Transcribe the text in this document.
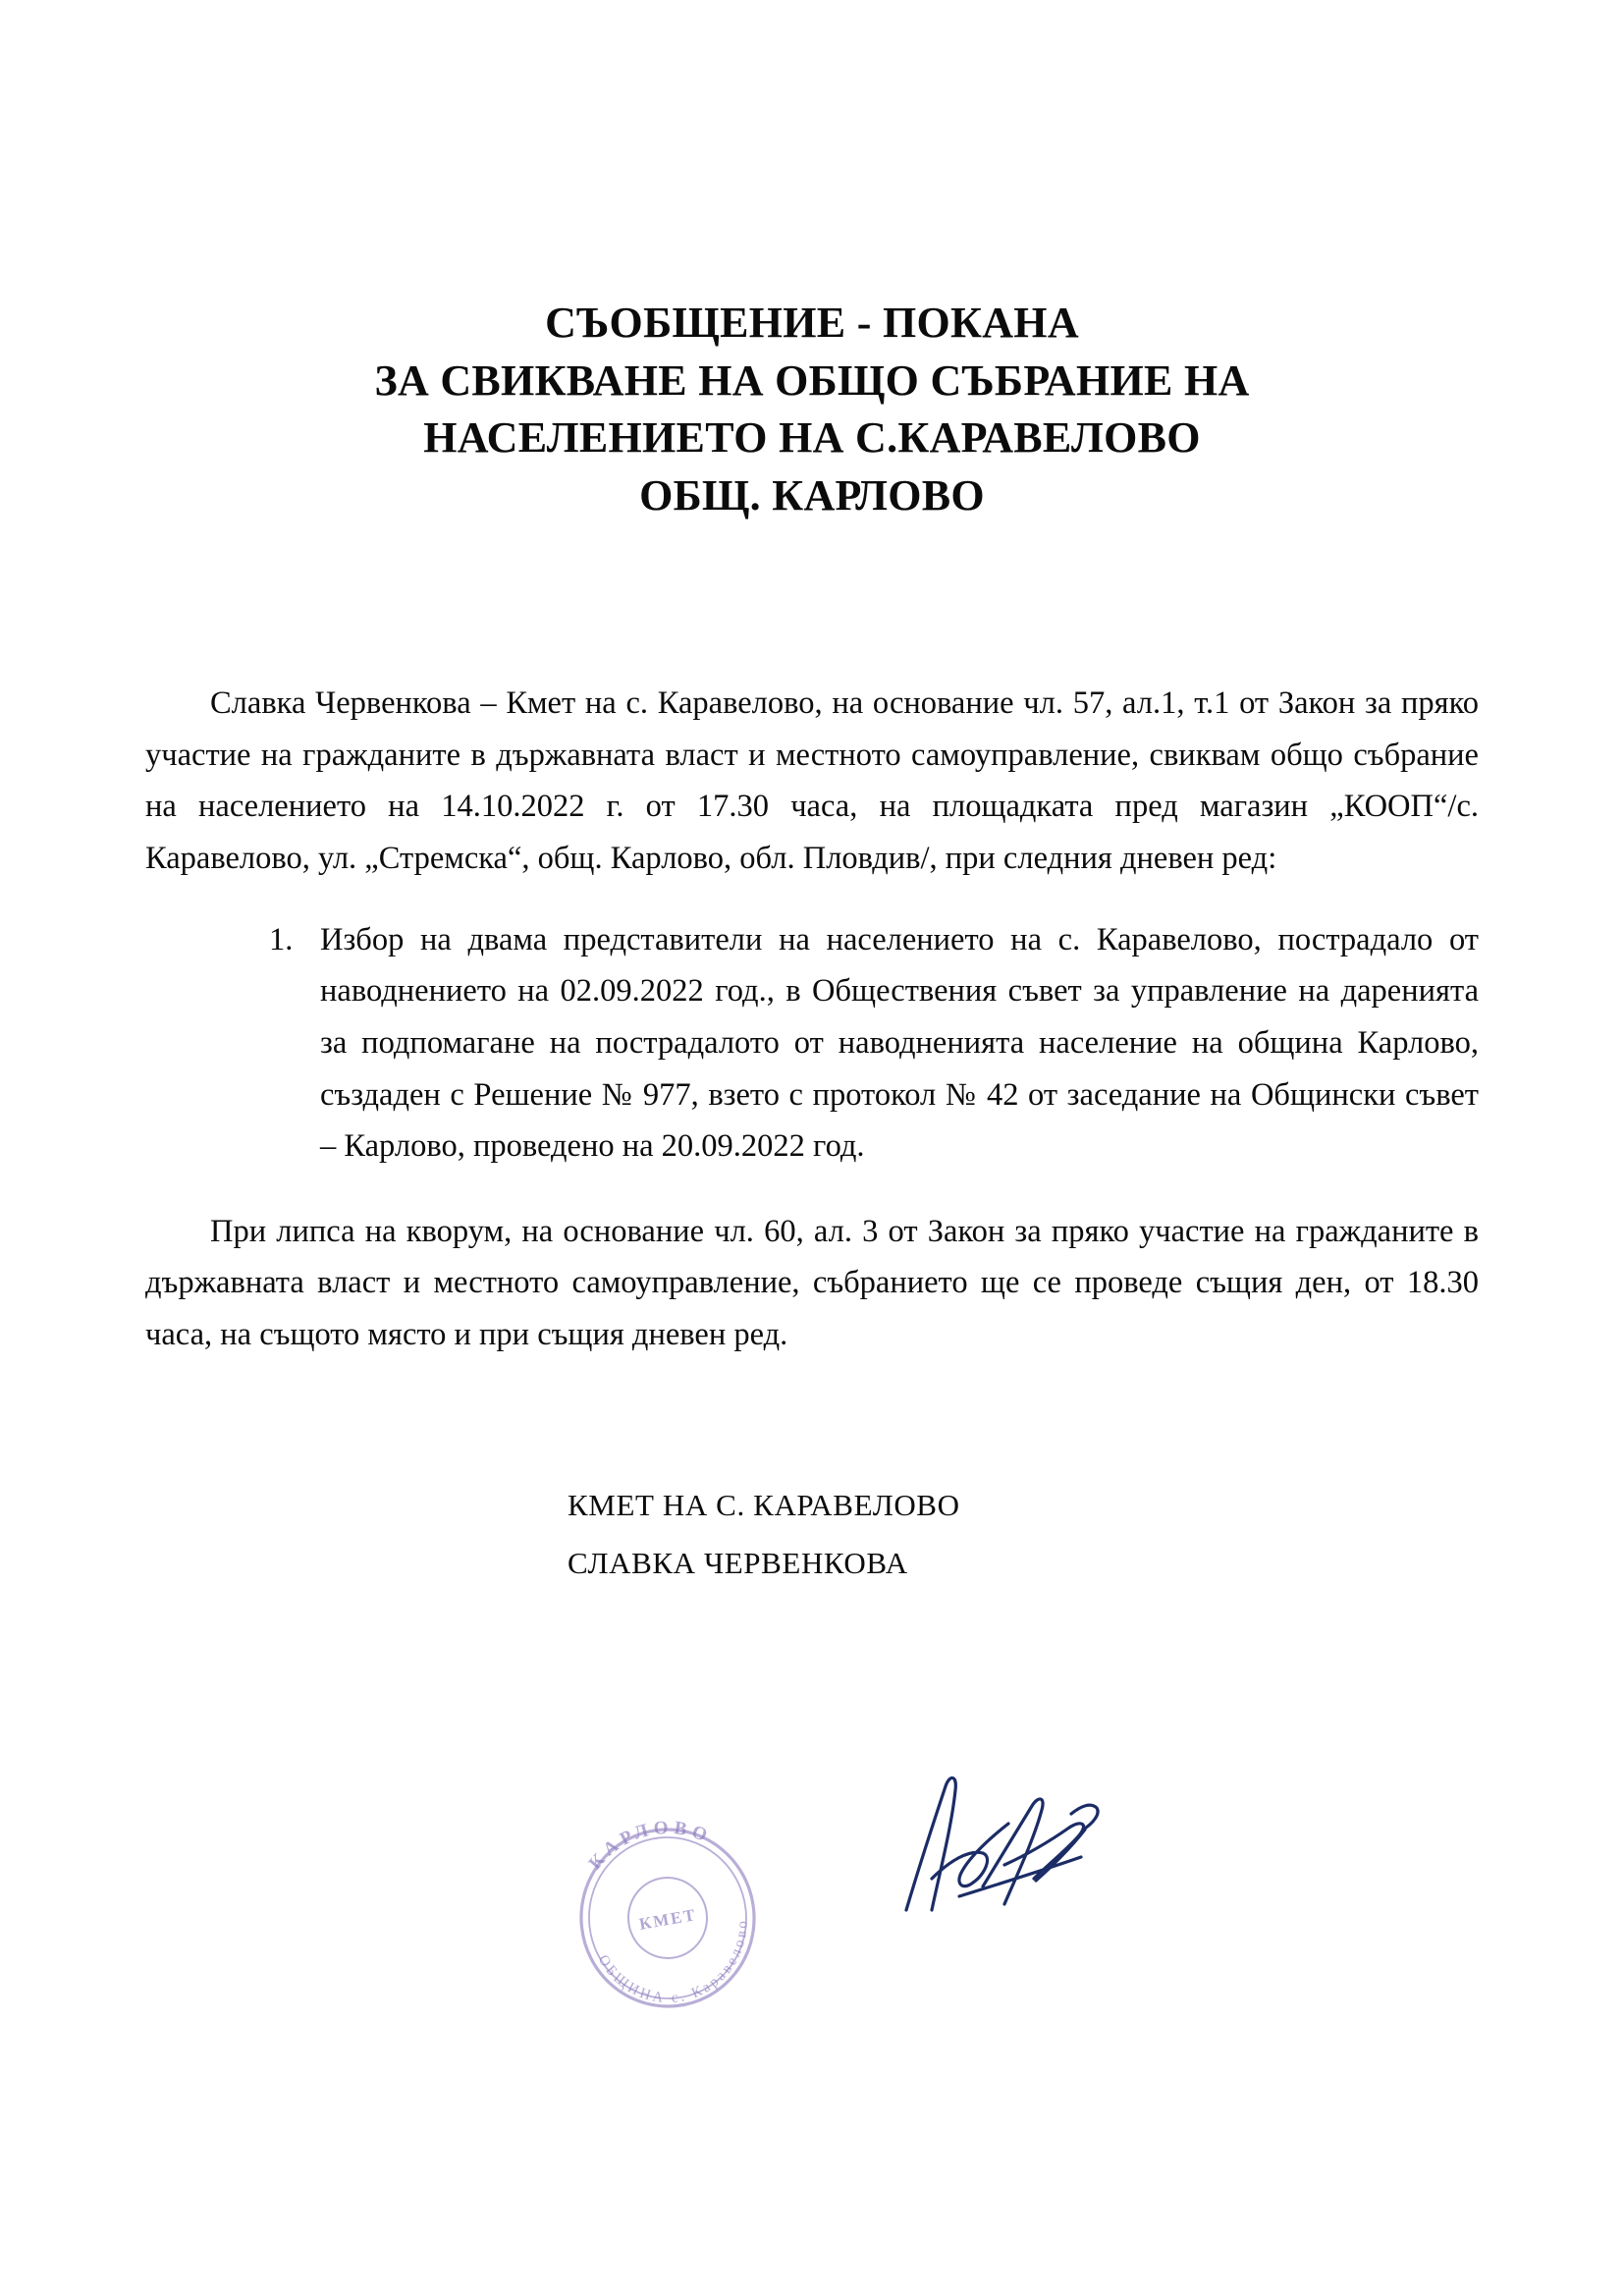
СЪОБЩЕНИЕ - ПОКАНА
ЗА СВИКВАНЕ НА ОБЩО СЪБРАНИЕ НА
НАСЕЛЕНИЕТО НА С.КАРАВЕЛОВО
ОБЩ. КАРЛОВО

Славка Червенкова – Кмет на с. Каравелово, на основание чл. 57, ал.1, т.1 от Закон за пряко участие на гражданите в държавната власт и местното самоуправление, свиквам общо събрание на населението на 14.10.2022 г. от 17.30 часа, на площадката пред магазин „КООП“/с. Каравелово, ул. „Стремска“, общ. Карлово, обл. Пловдив/, при следния дневен ред:

1. Избор на двама представители на населението на с. Каравелово, пострадало от наводнението на 02.09.2022 год., в Обществения съвет за управление на даренията за подпомагане на пострадалото от наводненията население на община Карлово, създаден с Решение № 977, взето с протокол № 42 от заседание на Общински съвет – Карлово, проведено на 20.09.2022 год.

При липса на кворум, на основание чл. 60, ал. 3 от Закон за пряко участие на гражданите в държавната власт и местното самоуправление, събранието ще се проведе същия ден, от 18.30 часа, на същото място и при същия дневен ред.

КМЕТ НА С. КАРАВЕЛОВО
СЛАВКА ЧЕРВЕНКОВА
КАРЛОВО
ОБЩИНА с. Каравелово
КМЕТ
